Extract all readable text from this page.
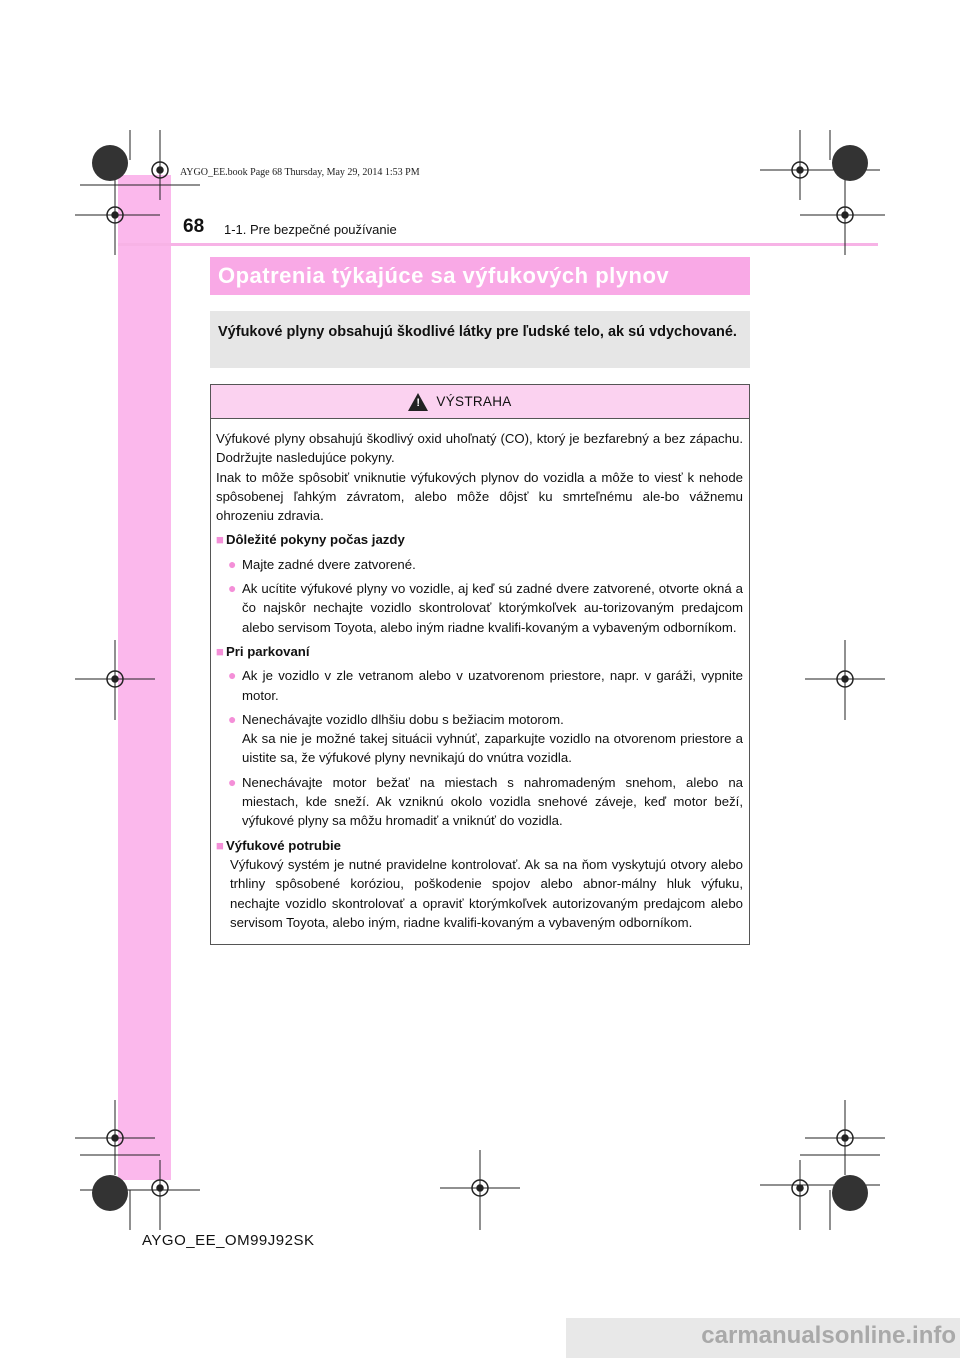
AYGO_EE.book Page 68 Thursday, May 29, 2014 1:53 PM
68 1-1. Pre bezpečné používanie
Opatrenia týkajúce sa výfukových plynov
Výfukové plyny obsahujú škodlivé látky pre ľudské telo, ak sú vdychované.
!
VÝSTRAHA

Výfukové plyny obsahujú škodlivý oxid uhoľnatý (CO), ktorý je bezfarebný a bez zápachu. Dodržujte nasledujúce pokyny.

Inak to môže spôsobiť vniknutie výfukových plynov do vozidla a môže to viesť k nehode spôsobenej ľahkým závratom, alebo môže dôjsť ku smrteľnému ale-bo vážnemu ohrozeniu zdravia.

■ Dôležité pokyny počas jazdy
● Majte zadné dvere zatvorené.
● Ak ucítite výfukové plyny vo vozidle, aj keď sú zadné dvere zatvorené, otvorte okná a čo najskôr nechajte vozidlo skontrolovať ktorýmkoľvek au-torizovaným predajcom alebo servisom Toyota, alebo iným riadne kvalifi-kovaným a vybaveným odborníkom.
■ Pri parkovaní
● Ak je vozidlo v zle vetranom alebo v uzatvorenom priestore, napr. v garáži, vypnite motor.
● Nenechávajte vozidlo dlhšiu dobu s bežiacim motorom.
Ak sa nie je možné takej situácii vyhnúť, zaparkujte vozidlo na otvorenom priestore a uistite sa, že výfukové plyny nevnikajú do vnútra vozidla.
● Nenechávajte motor bežať na miestach s nahromadeným snehom, alebo na miestach, kde sneží. Ak vzniknú okolo vozidla snehové záveje, keď motor beží, výfukové plyny sa môžu hromadiť a vniknúť do vozidla.
■ Výfukové potrubie
Výfukový systém je nutné pravidelne kontrolovať. Ak sa na ňom vyskytujú otvory alebo trhliny spôsobené koróziou, poškodenie spojov alebo abnor-málny hluk výfuku, nechajte vozidlo skontrolovať a opraviť ktorýmkoľvek autorizovaným predajcom alebo servisom Toyota, alebo iným, riadne kvalifi-kovaným a vybaveným odborníkom.
AYGO_EE_OM99J92SK
carmanualsonline.info
